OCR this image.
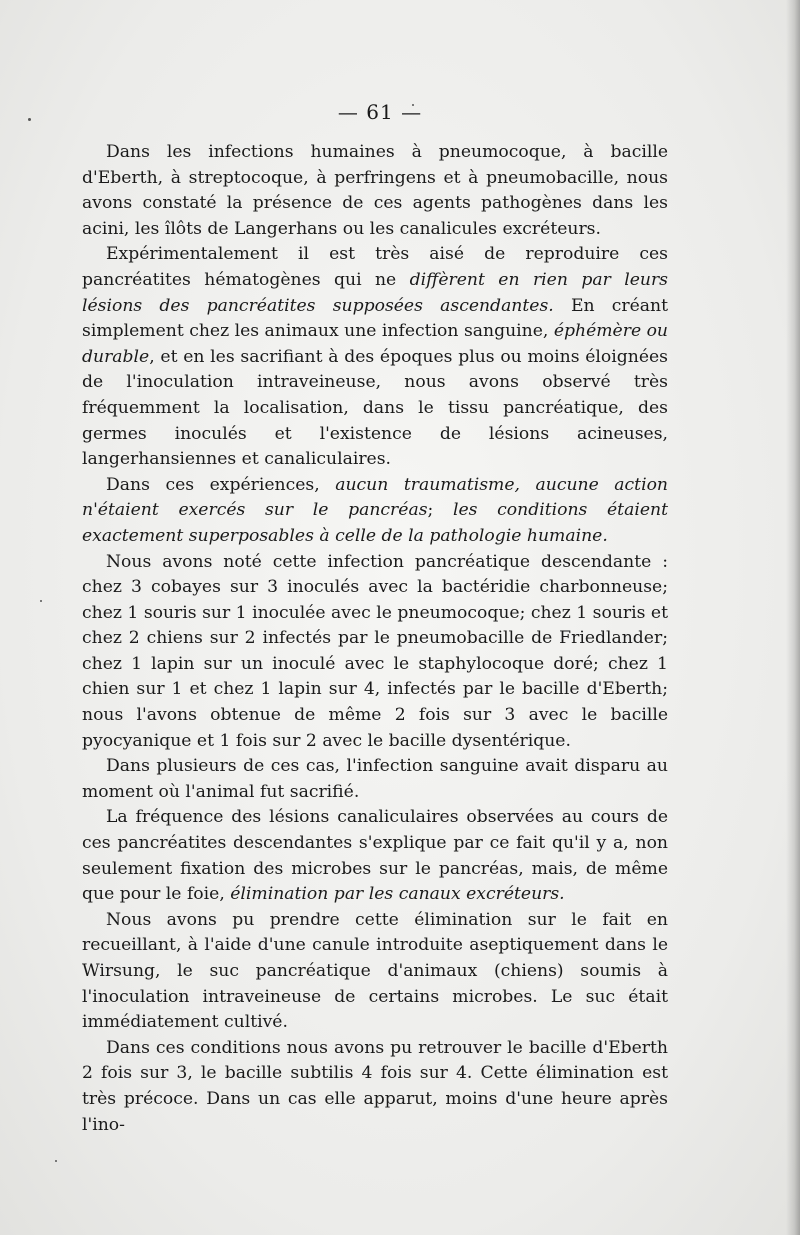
— 61 —

Dans les infections humaines à pneumocoque, à bacille d'Eberth, à streptocoque, à perfringens et à pneumobacille, nous avons constaté la présence de ces agents pathogènes dans les acini, les îlôts de Langerhans ou les canalicules excréteurs.

Expérimentalement il est très aisé de reproduire ces pancréatites hématogènes qui ne diffèrent en rien par leurs lésions des pancréatites supposées ascendantes. En créant simplement chez les animaux une infection sanguine, éphémère ou durable, et en les sacrifiant à des époques plus ou moins éloignées de l'inoculation intraveineuse, nous avons observé très fréquemment la localisation, dans le tissu pancréatique, des germes inoculés et l'existence de lésions acineuses, langerhansiennes et canaliculaires.

Dans ces expériences, aucun traumatisme, aucune action n'étaient exercés sur le pancréas; les conditions étaient exactement superposables à celle de la pathologie humaine.

Nous avons noté cette infection pancréatique descendante : chez 3 cobayes sur 3 inoculés avec la bactéridie charbonneuse; chez 1 souris sur 1 inoculée avec le pneumocoque; chez 1 souris et chez 2 chiens sur 2 infectés par le pneumobacille de Friedlander; chez 1 lapin sur un inoculé avec le staphylocoque doré; chez 1 chien sur 1 et chez 1 lapin sur 4, infectés par le bacille d'Eberth; nous l'avons obtenue de même 2 fois sur 3 avec le bacille pyocyanique et 1 fois sur 2 avec le bacille dysentérique.

Dans plusieurs de ces cas, l'infection sanguine avait disparu au moment où l'animal fut sacrifié.

La fréquence des lésions canaliculaires observées au cours de ces pancréatites descendantes s'explique par ce fait qu'il y a, non seulement fixation des microbes sur le pancréas, mais, de même que pour le foie, élimination par les canaux excréteurs.

Nous avons pu prendre cette élimination sur le fait en recueillant, à l'aide d'une canule introduite aseptiquement dans le Wirsung, le suc pancréatique d'animaux (chiens) soumis à l'inoculation intraveineuse de certains microbes. Le suc était immédiatement cultivé.

Dans ces conditions nous avons pu retrouver le bacille d'Eberth 2 fois sur 3, le bacille subtilis 4 fois sur 4. Cette élimination est très précoce. Dans un cas elle apparut, moins d'une heure après l'ino-
